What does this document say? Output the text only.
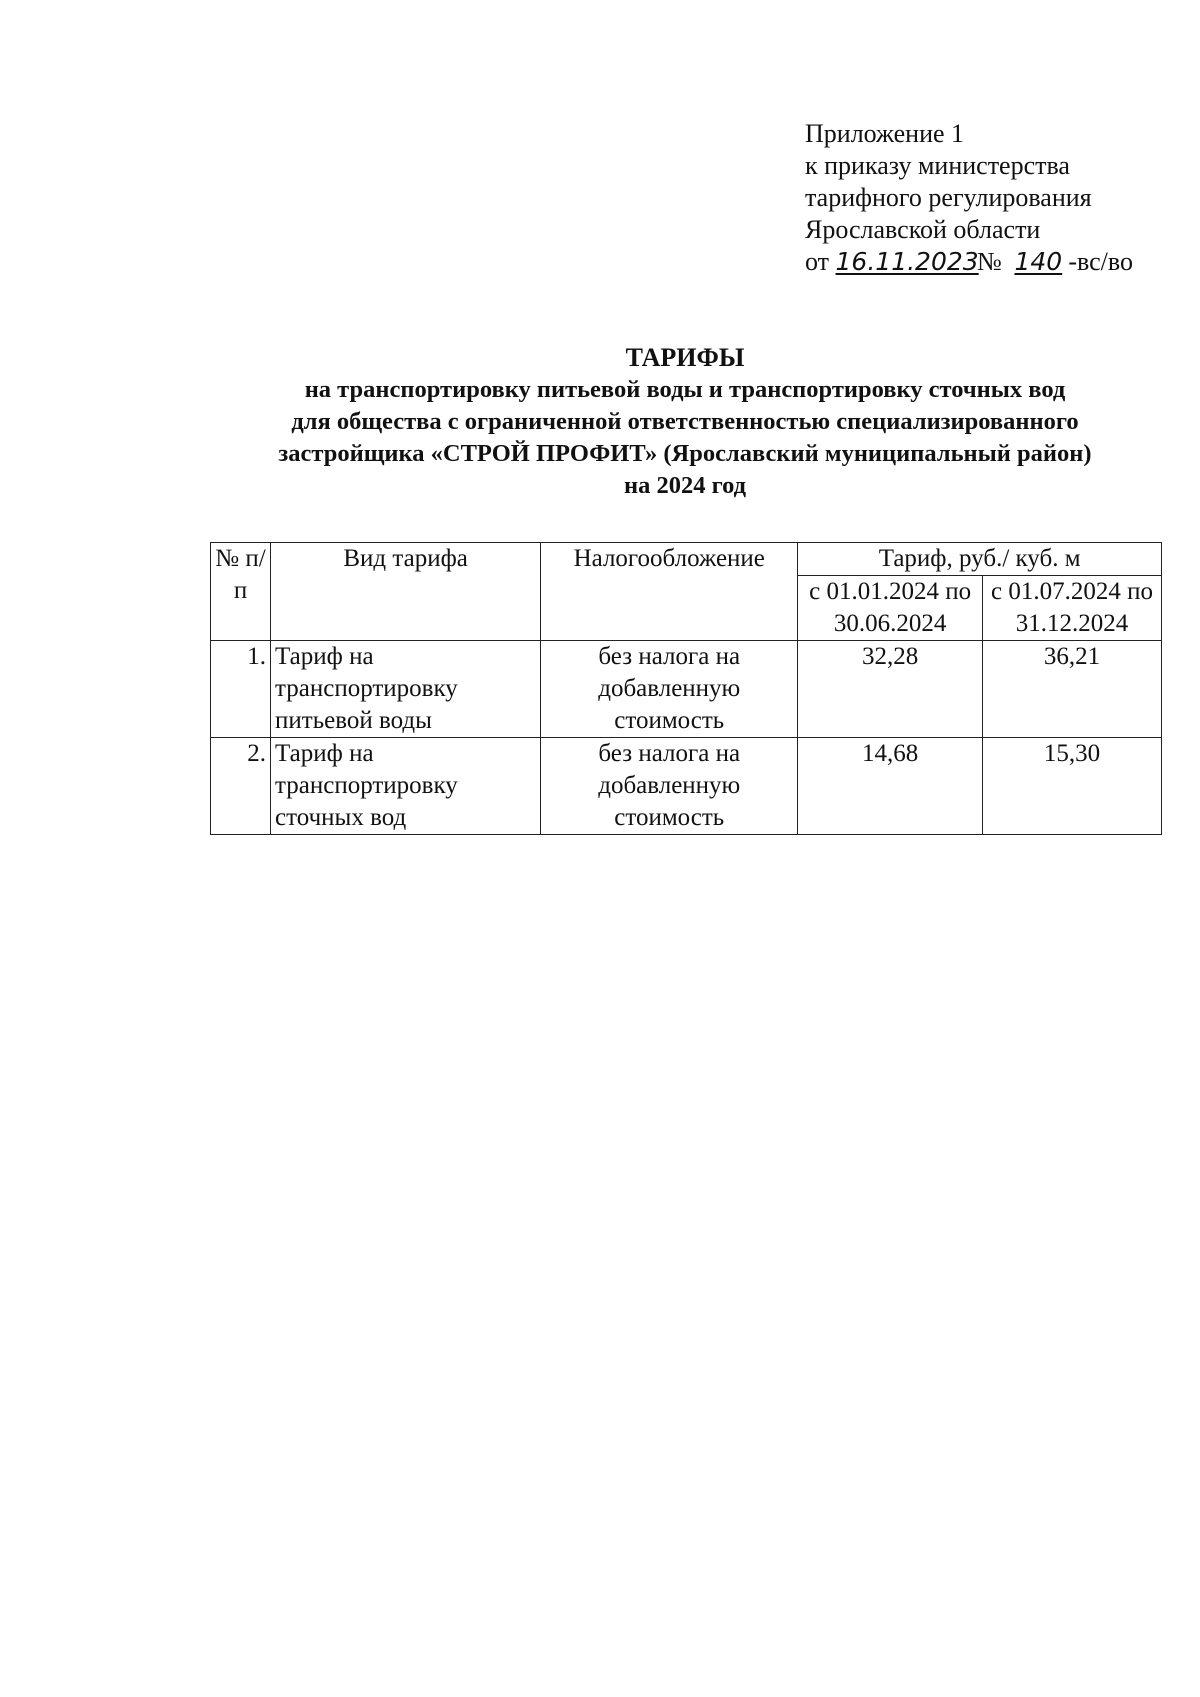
Приложение 1
к приказу министерства
тарифного регулирования
Ярославской области
от 16.11.2023 № 140 -вс/во
ТАРИФЫ
на транспортировку питьевой воды и транспортировку сточных вод
для общества с ограниченной ответственностью специализированного
застройщика «СТРОЙ ПРОФИТ» (Ярославский муниципальный район)
на 2024 год
№ п/п	Вид тарифа	Налогообложение	Тариф, руб./ куб. м	
			с 01.01.2024 по 30.06.2024	с 01.07.2024 по 31.12.2024
1.	Тариф на транспортировку питьевой воды	без налога на добавленную стоимость	32,28	36,21
2.	Тариф на транспортировку сточных вод	без налога на добавленную стоимость	14,68	15,30
